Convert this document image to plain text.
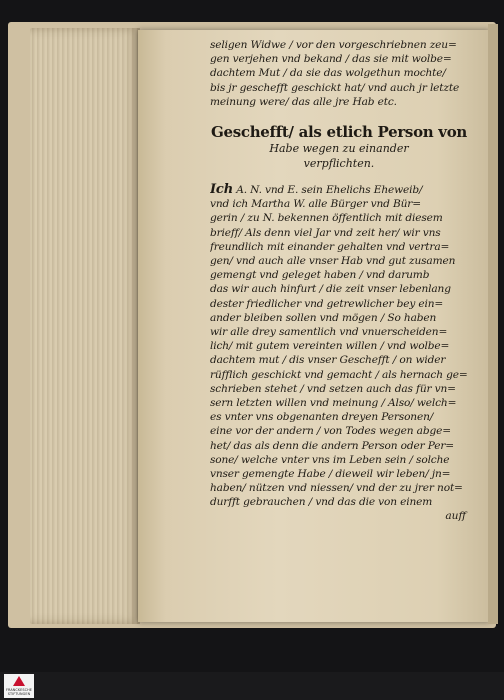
seligen Widwe / vor den vorgeschriebnen zeu=
gen verjehen vnd bekand / das sie mit wolbe=
dachtem Mut / da sie das wolgethun mochte/
bis jr geschefft geschickt hat/ vnd auch jr letzte
meinung were/ das alle jre Hab etc.

Geschefft/ als etlich Person von
Habe wegen zu einander
verpflichten.

Ich A. N. vnd E. sein Ehelichs Eheweib/
vnd ich Martha W. alle Bürger vnd Bür=
gerin / zu N. bekennen öffentlich mit diesem
brieff/ Als denn viel Jar vnd zeit her/ wir vns
freundlich mit einander gehalten vnd vertra=
gen/ vnd auch alle vnser Hab vnd gut zusamen
gemengt vnd geleget haben / vnd darumb
das wir auch hinfurt / die zeit vnser lebenlang
dester friedlicher vnd getrewlicher bey ein=
ander bleiben sollen vnd mögen / So haben
wir alle drey samentlich vnd vnuerscheiden=
lich/ mit gutem vereinten willen / vnd wolbe=
dachtem mut / dis vnser Geschefft / on wider
rüfflich geschickt vnd gemacht / als hernach ge=
schrieben stehet / vnd setzen auch das für vn=
sern letzten willen vnd meinung / Also/ welch=
es vnter vns obgenanten dreyen Personen/
eine vor der andern / von Todes wegen abge=
het/ das als denn die andern Person oder Per=
sone/ welche vnter vns im Leben sein / solche
vnser gemengte Habe / dieweil wir leben/ jn=
haben/ nützen vnd niessen/ vnd der zu jrer not=
durfft gebrauchen / vnd das die von einem

auff
FRANCKESCHE
STIFTUNGEN
